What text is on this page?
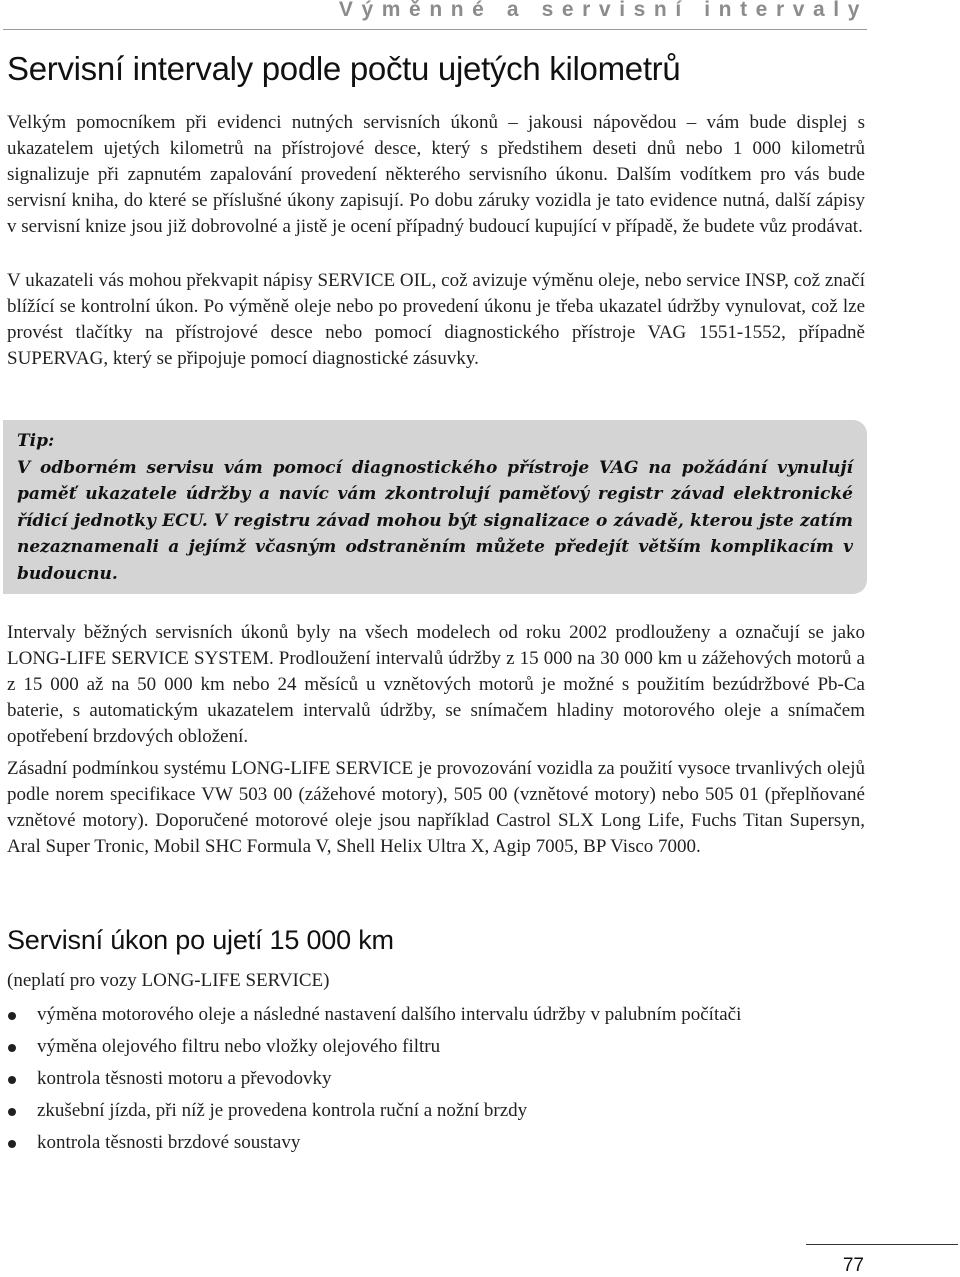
Výměnné a servisní intervaly
Servisní intervaly podle počtu ujetých kilometrů

Velkým pomocníkem při evidenci nutných servisních úkonů – jakousi nápovědou – vám bude displej s ukazatelem ujetých kilometrů na přístrojové desce, který s předstihem deseti dnů nebo 1 000 kilometrů signalizuje při zapnutém zapalování provedení některého servisního úkonu. Dalším vodítkem pro vás bude servisní kniha, do které se příslušné úkony zapisují. Po dobu záruky vozidla je tato evidence nutná, další zápisy v servisní knize jsou již dobrovolné a jistě je ocení případný budoucí kupující v případě, že budete vůz prodávat.

V ukazateli vás mohou překvapit nápisy SERVICE OIL, což avizuje výměnu oleje, nebo service INSP, což značí blížící se kontrolní úkon. Po výměně oleje nebo po provedení úkonu je třeba ukazatel údržby vynulovat, což lze provést tlačítky na přístrojové desce nebo pomocí diagnostického přístroje VAG 1551-1552, případně SUPERVAG, který se připojuje pomocí diagnostické zásuvky.

Tip:
V odborném servisu vám pomocí diagnostického přístroje VAG na požádání vynulují paměť ukazatele údržby a navíc vám zkontrolují paměťový registr závad elektronické řídicí jednotky ECU. V registru závad mohou být signalizace o závadě, kterou jste zatím nezaznamenali a jejímž včasným odstraněním můžete předejít větším komplikacím v budoucnu.

Intervaly běžných servisních úkonů byly na všech modelech od roku 2002 prodlouženy a označují se jako LONG-LIFE SERVICE SYSTEM. Prodloužení intervalů údržby z 15 000 na 30 000 km u zážehových motorů a z 15 000 až na 50 000 km nebo 24 měsíců u vznětových motorů je možné s použitím bezúdržbové Pb-Ca baterie, s automatickým ukazatelem intervalů údržby, se snímačem hladiny motorového oleje a snímačem opotřebení brzdových obložení.

Zásadní podmínkou systému LONG-LIFE SERVICE je provozování vozidla za použití vysoce trvanlivých olejů podle norem specifikace VW 503 00 (zážehové motory), 505 00 (vznětové motory) nebo 505 01 (přeplňované vznětové motory). Doporučené motorové oleje jsou například Castrol SLX Long Life, Fuchs Titan Supersyn, Aral Super Tronic, Mobil SHC Formula V, Shell Helix Ultra X, Agip 7005, BP Visco 7000.

Servisní úkon po ujetí 15 000 km

(neplatí pro vozy LONG-LIFE SERVICE)

výměna motorového oleje a následné nastavení dalšího intervalu údržby v palubním počítači
výměna olejového filtru nebo vložky olejového filtru
kontrola těsnosti motoru a převodovky
zkušební jízda, při níž je provedena kontrola ruční a nožní brzdy
kontrola těsnosti brzdové soustavy
77
